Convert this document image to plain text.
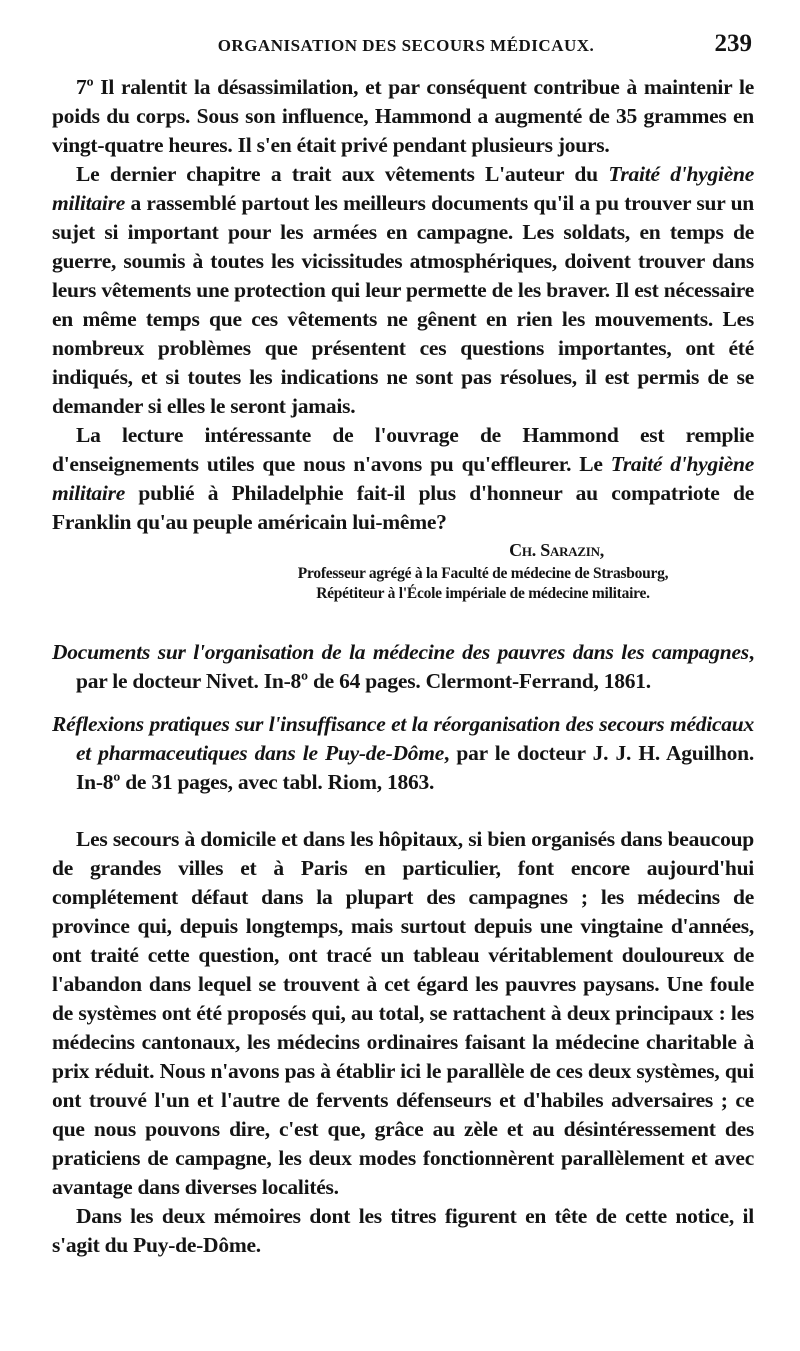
ORGANISATION DES SECOURS MÉDICAUX.	239

7º Il ralentit la désassimilation, et par conséquent contribue à maintenir le poids du corps. Sous son influence, Hammond a augmenté de 35 grammes en vingt-quatre heures. Il s'en était privé pendant plusieurs jours.

Le dernier chapitre a trait aux vêtements L'auteur du Traité d'hygiène militaire a rassemblé partout les meilleurs documents qu'il a pu trouver sur un sujet si important pour les armées en campagne. Les soldats, en temps de guerre, soumis à toutes les vicissitudes atmosphériques, doivent trouver dans leurs vêtements une protection qui leur permette de les braver. Il est nécessaire en même temps que ces vêtements ne gênent en rien les mouvements. Les nombreux problèmes que présentent ces questions importantes, ont été indiqués, et si toutes les indications ne sont pas résolues, il est permis de se demander si elles le seront jamais.

La lecture intéressante de l'ouvrage de Hammond est remplie d'enseignements utiles que nous n'avons pu qu'effleurer. Le Traité d'hygiène militaire publié à Philadelphie fait-il plus d'honneur au compatriote de Franklin qu'au peuple américain lui-même?

Ch. Sarazin,

Professeur agrégé à la Faculté de médecine de Strasbourg,

Répétiteur à l'École impériale de médecine militaire.

Documents sur l'organisation de la médecine des pauvres dans les campagnes, par le docteur Nivet. In-8º de 64 pages. Clermont-Ferrand, 1861.

Réflexions pratiques sur l'insuffisance et la réorganisation des secours médicaux et pharmaceutiques dans le Puy-de-Dôme, par le docteur J. J. H. Aguilhon. In-8º de 31 pages, avec tabl. Riom, 1863.

Les secours à domicile et dans les hôpitaux, si bien organisés dans beaucoup de grandes villes et à Paris en particulier, font encore aujourd'hui complétement défaut dans la plupart des campagnes ; les médecins de province qui, depuis longtemps, mais surtout depuis une vingtaine d'années, ont traité cette question, ont tracé un tableau véritablement douloureux de l'abandon dans lequel se trouvent à cet égard les pauvres paysans. Une foule de systèmes ont été proposés qui, au total, se rattachent à deux principaux : les médecins cantonaux, les médecins ordinaires faisant la médecine charitable à prix réduit. Nous n'avons pas à établir ici le parallèle de ces deux systèmes, qui ont trouvé l'un et l'autre de fervents défenseurs et d'habiles adversaires ; ce que nous pouvons dire, c'est que, grâce au zèle et au désintéressement des praticiens de campagne, les deux modes fonctionnèrent parallèlement et avec avantage dans diverses localités.

Dans les deux mémoires dont les titres figurent en tête de cette notice, il s'agit du Puy-de-Dôme.
